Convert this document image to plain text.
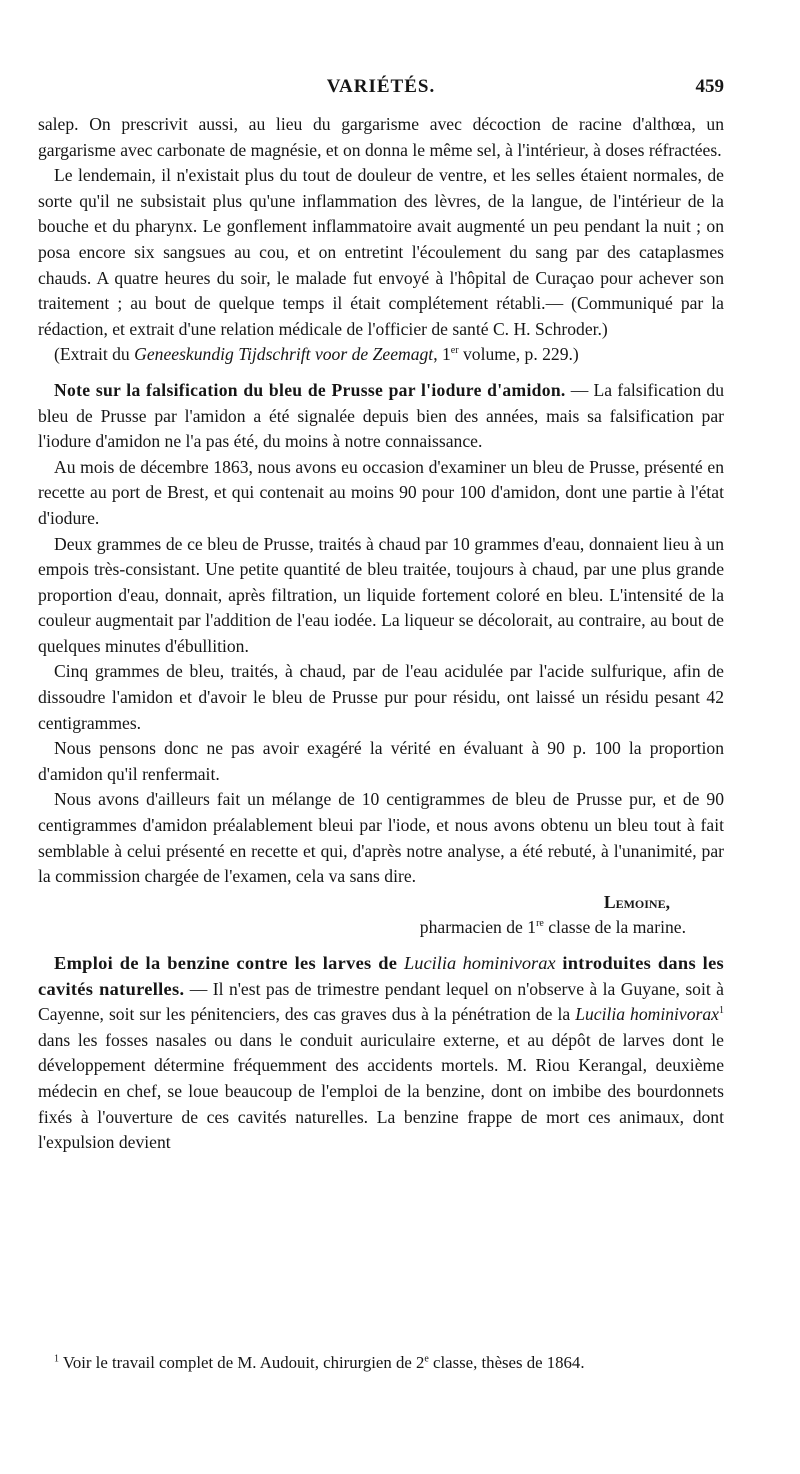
VARIÉTÉS.	459

salep. On prescrivit aussi, au lieu du gargarisme avec décoction de racine d'althœa, un gargarisme avec carbonate de magnésie, et on donna le même sel, à l'intérieur, à doses réfractées.

Le lendemain, il n'existait plus du tout de douleur de ventre, et les selles étaient normales, de sorte qu'il ne subsistait plus qu'une inflammation des lèvres, de la langue, de l'intérieur de la bouche et du pharynx. Le gonflement inflammatoire avait augmenté un peu pendant la nuit ; on posa encore six sangsues au cou, et on entretint l'écoulement du sang par des cataplasmes chauds. A quatre heures du soir, le malade fut envoyé à l'hôpital de Curaçao pour achever son traitement ; au bout de quelque temps il était complétement rétabli.— (Communiqué par la rédaction, et extrait d'une relation médicale de l'officier de santé C. H. Schroder.)

(Extrait du Geneeskundig Tijdschrift voor de Zeemagt, 1er volume, p. 229.)

Note sur la falsification du bleu de Prusse par l'iodure d'amidon. — La falsification du bleu de Prusse par l'amidon a été signalée depuis bien des années, mais sa falsification par l'iodure d'amidon ne l'a pas été, du moins à notre connaissance.

Au mois de décembre 1863, nous avons eu occasion d'examiner un bleu de Prusse, présenté en recette au port de Brest, et qui contenait au moins 90 pour 100 d'amidon, dont une partie à l'état d'iodure.

Deux grammes de ce bleu de Prusse, traités à chaud par 10 grammes d'eau, donnaient lieu à un empois très-consistant. Une petite quantité de bleu traitée, toujours à chaud, par une plus grande proportion d'eau, donnait, après filtration, un liquide fortement coloré en bleu. L'intensité de la couleur augmentait par l'addition de l'eau iodée. La liqueur se décolorait, au contraire, au bout de quelques minutes d'ébullition.

Cinq grammes de bleu, traités, à chaud, par de l'eau acidulée par l'acide sulfurique, afin de dissoudre l'amidon et d'avoir le bleu de Prusse pur pour résidu, ont laissé un résidu pesant 42 centigrammes.

Nous pensons donc ne pas avoir exagéré la vérité en évaluant à 90 p. 100 la proportion d'amidon qu'il renfermait.

Nous avons d'ailleurs fait un mélange de 10 centigrammes de bleu de Prusse pur, et de 90 centigrammes d'amidon préalablement bleui par l'iode, et nous avons obtenu un bleu tout à fait semblable à celui présenté en recette et qui, d'après notre analyse, a été rebuté, à l'unanimité, par la commission chargée de l'examen, cela va sans dire.

Lemoine,

pharmacien de 1re classe de la marine.

Emploi de la benzine contre les larves de Lucilia hominivorax introduites dans les cavités naturelles. — Il n'est pas de trimestre pendant lequel on n'observe à la Guyane, soit à Cayenne, soit sur les pénitenciers, des cas graves dus à la pénétration de la Lucilia hominivorax$^1$ dans les fosses nasales ou dans le conduit auriculaire externe, et au dépôt de larves dont le développement détermine fréquemment des accidents mortels. M. Riou Kerangal, deuxième médecin en chef, se loue beaucoup de l'emploi de la benzine, dont on imbibe des bourdonnets fixés à l'ouverture de ces cavités naturelles. La benzine frappe de mort ces animaux, dont l'expulsion devient

$^1$ Voir le travail complet de M. Audouit, chirurgien de 2e classe, thèses de 1864.
